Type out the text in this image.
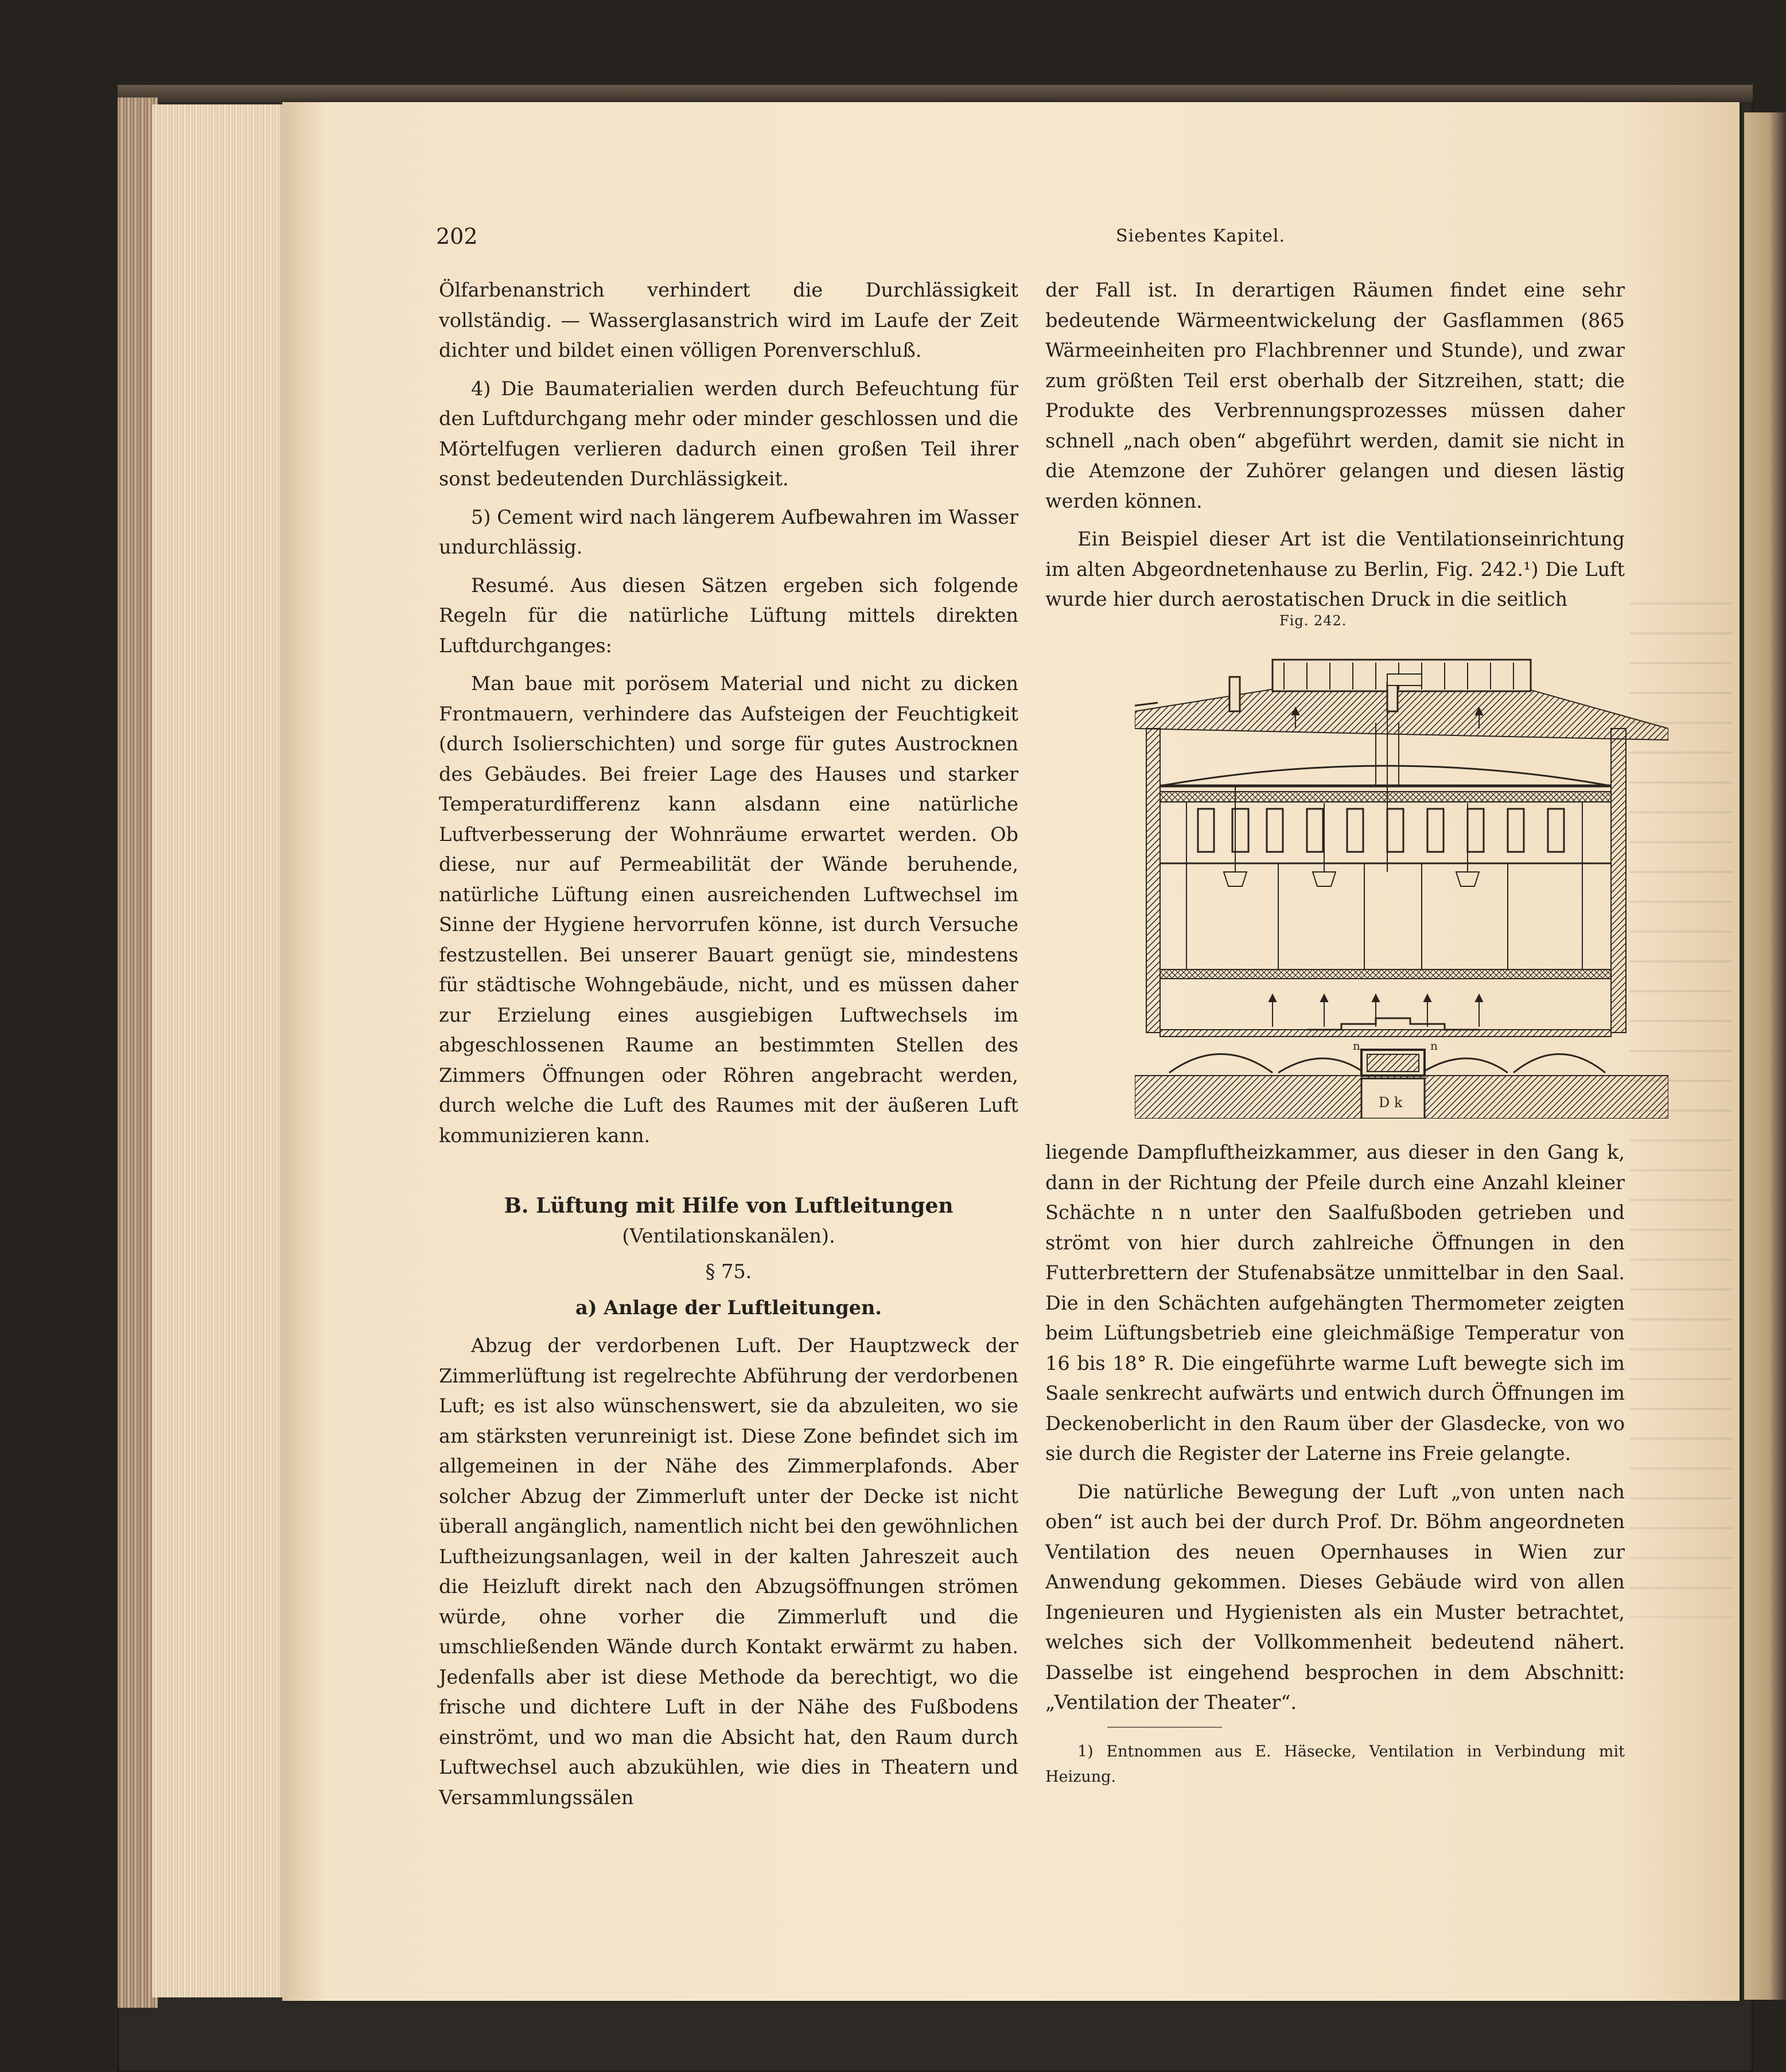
202	Siebentes Kapitel.

Ölfarbenanstrich verhindert die Durchlässigkeit vollständig. — Wasserglasanstrich wird im Laufe der Zeit dichter und bildet einen völligen Porenverschluß.

4) Die Baumaterialien werden durch Befeuchtung für den Luftdurchgang mehr oder minder geschlossen und die Mörtelfugen verlieren dadurch einen großen Teil ihrer sonst bedeutenden Durchlässigkeit.

5) Cement wird nach längerem Aufbewahren im Wasser undurchlässig.

Resumé. Aus diesen Sätzen ergeben sich folgende Regeln für die natürliche Lüftung mittels direkten Luftdurchganges:

Man baue mit porösem Material und nicht zu dicken Frontmauern, verhindere das Aufsteigen der Feuchtigkeit (durch Isolierschichten) und sorge für gutes Austrocknen des Gebäudes. Bei freier Lage des Hauses und starker Temperaturdifferenz kann alsdann eine natürliche Luftverbesserung der Wohnräume erwartet werden. Ob diese, nur auf Permeabilität der Wände beruhende, natürliche Lüftung einen ausreichenden Luftwechsel im Sinne der Hygiene hervorrufen könne, ist durch Versuche festzustellen. Bei unserer Bauart genügt sie, mindestens für städtische Wohngebäude, nicht, und es müssen daher zur Erzielung eines ausgiebigen Luftwechsels im abgeschlossenen Raume an bestimmten Stellen des Zimmers Öffnungen oder Röhren angebracht werden, durch welche die Luft des Raumes mit der äußeren Luft kommunizieren kann.

B. Lüftung mit Hilfe von Luftleitungen

(Ventilationskanälen).

§ 75.

a) Anlage der Luftleitungen.

Abzug der verdorbenen Luft. Der Hauptzweck der Zimmerlüftung ist regelrechte Abführung der verdorbenen Luft; es ist also wünschenswert, sie da abzuleiten, wo sie am stärksten verunreinigt ist. Diese Zone befindet sich im allgemeinen in der Nähe des Zimmerplafonds. Aber solcher Abzug der Zimmerluft unter der Decke ist nicht überall angänglich, namentlich nicht bei den gewöhnlichen Luftheizungsanlagen, weil in der kalten Jahreszeit auch die Heizluft direkt nach den Abzugsöffnungen strömen würde, ohne vorher die Zimmerluft und die umschließenden Wände durch Kontakt erwärmt zu haben. Jedenfalls aber ist diese Methode da berechtigt, wo die frische und dichtere Luft in der Nähe des Fußbodens einströmt, und wo man die Absicht hat, den Raum durch Luftwechsel auch abzukühlen, wie dies in Theatern und Versammlungssälen

der Fall ist. In derartigen Räumen findet eine sehr bedeutende Wärmeentwickelung der Gasflammen (865 Wärmeeinheiten pro Flachbrenner und Stunde), und zwar zum größten Teil erst oberhalb der Sitzreihen, statt; die Produkte des Verbrennungsprozesses müssen daher schnell „nach oben“ abgeführt werden, damit sie nicht in die Atemzone der Zuhörer gelangen und diesen lästig werden können.

Ein Beispiel dieser Art ist die Ventilationseinrichtung im alten Abgeordnetenhause zu Berlin, Fig. 242.¹) Die Luft wurde hier durch aerostatischen Druck in die seitlich

Fig. 242.
n	n
D k

liegende Dampfluftheizkammer, aus dieser in den Gang k, dann in der Richtung der Pfeile durch eine Anzahl kleiner Schächte n n unter den Saalfußboden getrieben und strömt von hier durch zahlreiche Öffnungen in den Futterbrettern der Stufenabsätze unmittelbar in den Saal. Die in den Schächten aufgehängten Thermometer zeigten beim Lüftungsbetrieb eine gleichmäßige Temperatur von 16 bis 18° R. Die eingeführte warme Luft bewegte sich im Saale senkrecht aufwärts und entwich durch Öffnungen im Deckenoberlicht in den Raum über der Glasdecke, von wo sie durch die Register der Laterne ins Freie gelangte.

Die natürliche Bewegung der Luft „von unten nach oben“ ist auch bei der durch Prof. Dr. Böhm angeordneten Ventilation des neuen Opernhauses in Wien zur Anwendung gekommen. Dieses Gebäude wird von allen Ingenieuren und Hygienisten als ein Muster betrachtet, welches sich der Vollkommenheit bedeutend nähert. Dasselbe ist eingehend besprochen in dem Abschnitt: „Ventilation der Theater“.

1) Entnommen aus E. Häsecke, Ventilation in Verbindung mit Heizung.
